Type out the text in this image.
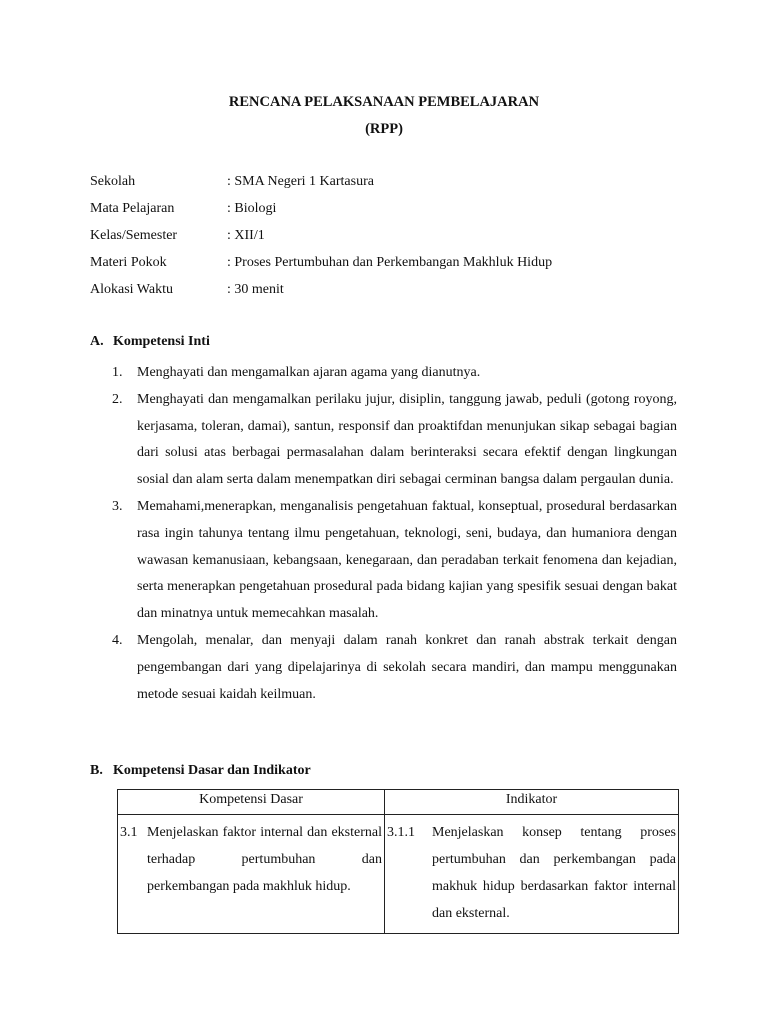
RENCANA PELAKSANAAN PEMBELAJARAN
(RPP)
Sekolah	: SMA Negeri 1 Kartasura
Mata Pelajaran	: Biologi
Kelas/Semester	: XII/1
Materi Pokok	: Proses Pertumbuhan dan Perkembangan Makhluk Hidup
Alokasi Waktu	: 30 menit
A. Kompetensi Inti
1. Menghayati dan mengamalkan ajaran agama yang dianutnya.
2. Menghayati dan mengamalkan perilaku jujur, disiplin, tanggung jawab, peduli (gotong royong, kerjasama, toleran, damai), santun, responsif dan proaktifdan menunjukan sikap sebagai bagian dari solusi atas berbagai permasalahan dalam berinteraksi secara efektif dengan lingkungan sosial dan alam serta dalam menempatkan diri sebagai cerminan bangsa dalam pergaulan dunia.
3. Memahami,menerapkan, menganalisis pengetahuan faktual, konseptual, prosedural berdasarkan rasa ingin tahunya tentang ilmu pengetahuan, teknologi, seni, budaya, dan humaniora dengan wawasan kemanusiaan, kebangsaan, kenegaraan, dan peradaban terkait fenomena dan kejadian, serta menerapkan pengetahuan prosedural pada bidang kajian yang spesifik sesuai dengan bakat dan minatnya untuk memecahkan masalah.
4. Mengolah, menalar, dan menyaji dalam ranah konkret dan ranah abstrak terkait dengan pengembangan dari yang dipelajarinya di sekolah secara mandiri, dan mampu menggunakan metode sesuai kaidah keilmuan.
B. Kompetensi Dasar dan Indikator
Kompetensi Dasar	Indikator

3.1 Menjelaskan faktor internal dan eksternal terhadap pertumbuhan dan perkembangan pada makhluk hidup.	3.1.1 Menjelaskan konsep tentang proses pertumbuhan dan perkembangan pada makhuk hidup berdasarkan faktor internal dan eksternal.
